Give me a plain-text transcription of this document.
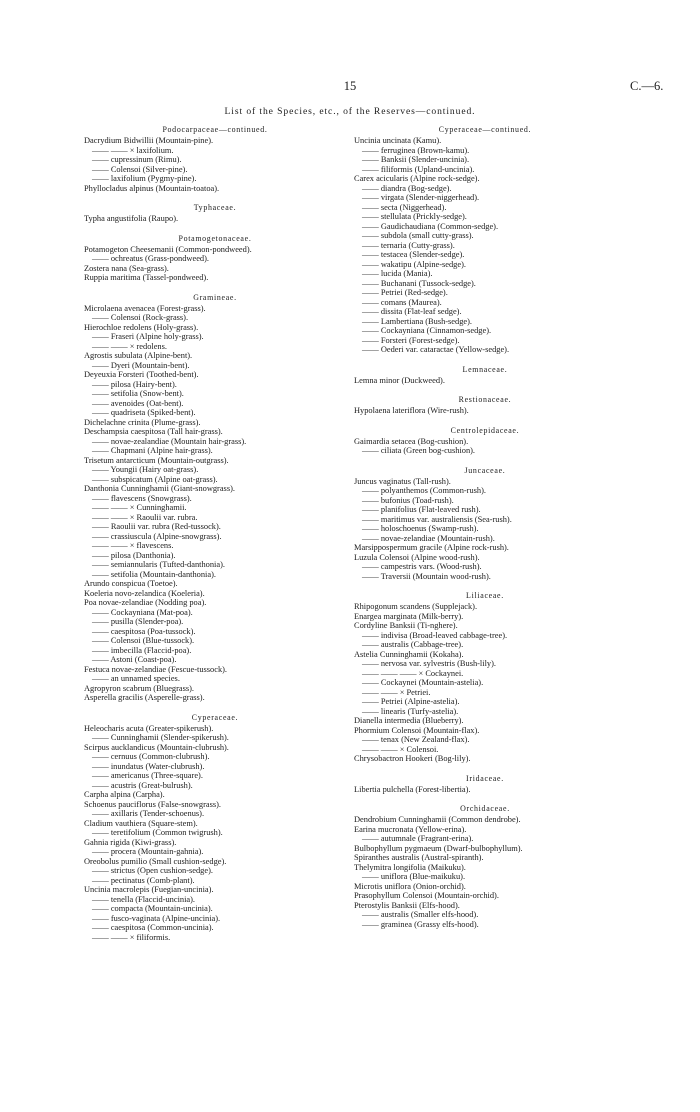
15	C.—6.
List of the Species, etc., of the Reserves—continued.
Podocarpaceae—continued.
Dacrydium Bidwillii (Mountain-pine).
—— —— × laxifolium.
—— cupressinum (Rimu).
—— Colensoi (Silver-pine).
—— laxifolium (Pygmy-pine).
Phyllocladus alpinus (Mountain-toatoa).
Typhaceae.
Typha angustifolia (Raupo).
Potamogetonaceae.
Potamogeton Cheesemanii (Common-pondweed).
—— ochreatus (Grass-pondweed).
Zostera nana (Sea-grass).
Ruppia maritima (Tassel-pondweed).
Gramineae.
Microlaena avenacea (Forest-grass).
—— Colensoi (Rock-grass).
Hierochloe redolens (Holy-grass).
—— Fraseri (Alpine holy-grass).
—— —— × redolens.
Agrostis subulata (Alpine-bent).
—— Dyeri (Mountain-bent).
Deyeuxia Forsteri (Toothed-bent).
—— pilosa (Hairy-bent).
—— setifolia (Snow-bent).
—— avenoides (Oat-bent).
—— quadriseta (Spiked-bent).
Dichelachne crinita (Plume-grass).
Deschampsia caespitosa (Tall hair-grass).
—— novae-zealandiae (Mountain hair-grass).
—— Chapmani (Alpine hair-grass).
Trisetum antarcticum (Mountain-outgrass).
—— Youngii (Hairy oat-grass).
—— subspicatum (Alpine oat-grass).
Danthonia Cunninghamii (Giant-snowgrass).
—— flavescens (Snowgrass).
—— —— × Cunninghamii.
—— —— × Raoulii var. rubra.
—— Raoulii var. rubra (Red-tussock).
—— crassiuscula (Alpine-snowgrass).
—— —— × flavescens.
—— pilosa (Danthonia).
—— semiannularis (Tufted-danthonia).
—— setifolia (Mountain-danthonia).
Arundo conspicua (Toetoe).
Koeleria novo-zelandica (Koeleria).
Poa novae-zelandiae (Nodding poa).
—— Cockayniana (Mat-poa).
—— pusilla (Slender-poa).
—— caespitosa (Poa-tussock).
—— Colensoi (Blue-tussock).
—— imbecilla (Flaccid-poa).
—— Astoni (Coast-poa).
Festuca novae-zelandiae (Fescue-tussock).
—— an unnamed species.
Agropyron scabrum (Bluegrass).
Asperella gracilis (Asperelle-grass).
Cyperaceae.
Heleocharis acuta (Greater-spikerush).
—— Cunninghamii (Slender-spikerush).
Scirpus aucklandicus (Mountain-clubrush).
—— cernuus (Common-clubrush).
—— inundatus (Water-clubrush).
—— americanus (Three-square).
—— acustris (Great-bulrush).
Carpha alpina (Carpha).
Schoenus pauciflorus (False-snowgrass).
—— axillaris (Tender-schoenus).
Cladium vauthiera (Square-stem).
—— teretifolium (Common twigrush).
Gahnia rigida (Kiwi-grass).
—— procera (Mountain-gahnia).
Oreobolus pumilio (Small cushion-sedge).
—— strictus (Open cushion-sedge).
—— pectinatus (Comb-plant).
Uncinia macrolepis (Fuegian-uncinia).
—— tenella (Flaccid-uncinia).
—— compacta (Mountain-uncinia).
—— fusco-vaginata (Alpine-uncinia).
—— caespitosa (Common-uncinia).
—— —— × filiformis.
Cyperaceae—continued.
Uncinia uncinata (Kamu).
—— ferruginea (Brown-kamu).
—— Banksii (Slender-uncinia).
—— filiformis (Upland-uncinia).
Carex acicularis (Alpine rock-sedge).
—— diandra (Bog-sedge).
—— virgata (Slender-niggerhead).
—— secta (Niggerhead).
—— stellulata (Prickly-sedge).
—— Gaudichaudiana (Common-sedge).
—— subdola (small cutty-grass).
—— ternaria (Cutty-grass).
—— testacea (Slender-sedge).
—— wakatipu (Alpine-sedge).
—— lucida (Mania).
—— Buchanani (Tussock-sedge).
—— Petriei (Red-sedge).
—— comans (Maurea).
—— dissita (Flat-leaf sedge).
—— Lambertiana (Bush-sedge).
—— Cockayniana (Cinnamon-sedge).
—— Forsteri (Forest-sedge).
—— Oederi var. cataractae (Yellow-sedge).
Lemnaceae.
Lemna minor (Duckweed).
Restionaceae.
Hypolaena lateriflora (Wire-rush).
Centrolepidaceae.
Gaimardia setacea (Bog-cushion).
—— ciliata (Green bog-cushion).
Juncaceae.
Juncus vaginatus (Tall-rush).
—— polyanthemos (Common-rush).
—— bufonius (Toad-rush).
—— planifolius (Flat-leaved rush).
—— maritimus var. australiensis (Sea-rush).
—— holoschoenus (Swamp-rush).
—— novae-zelandiae (Mountain-rush).
Marsippospermum gracile (Alpine rock-rush).
Luzula Colensoi (Alpine wood-rush).
—— campestris vars. (Wood-rush).
—— Traversii (Mountain wood-rush).
Liliaceae.
Rhipogonum scandens (Supplejack).
Enargea marginata (Milk-berry).
Cordyline Banksii (Ti-nghere).
—— indivisa (Broad-leaved cabbage-tree).
—— australis (Cabbage-tree).
Astelia Cunninghamii (Kokaha).
—— nervosa var. sylvestris (Bush-lily).
—— —— —— × Cockaynei.
—— Cockaynei (Mountain-astelia).
—— —— × Petriei.
—— Petriei (Alpine-astelia).
—— linearis (Turfy-astelia).
Dianella intermedia (Blueberry).
Phormium Colensoi (Mountain-flax).
—— tenax (New Zealand-flax).
—— —— × Colensoi.
Chrysobactron Hookeri (Bog-lily).
Iridaceae.
Libertia pulchella (Forest-libertia).
Orchidaceae.
Dendrobium Cunninghamii (Common dendrobe).
Earina mucronata (Yellow-erina).
—— autumnale (Fragrant-erina).
Bulbophyllum pygmaeum (Dwarf-bulbophyllum).
Spiranthes australis (Austral-spiranth).
Thelymitra longifolia (Maikuku).
—— uniflora (Blue-maikuku).
Microtis uniflora (Onion-orchid).
Prasophyllum Colensoi (Mountain-orchid).
Pterostylis Banksii (Elfs-hood).
—— australis (Smaller elfs-hood).
—— graminea (Grassy elfs-hood).
